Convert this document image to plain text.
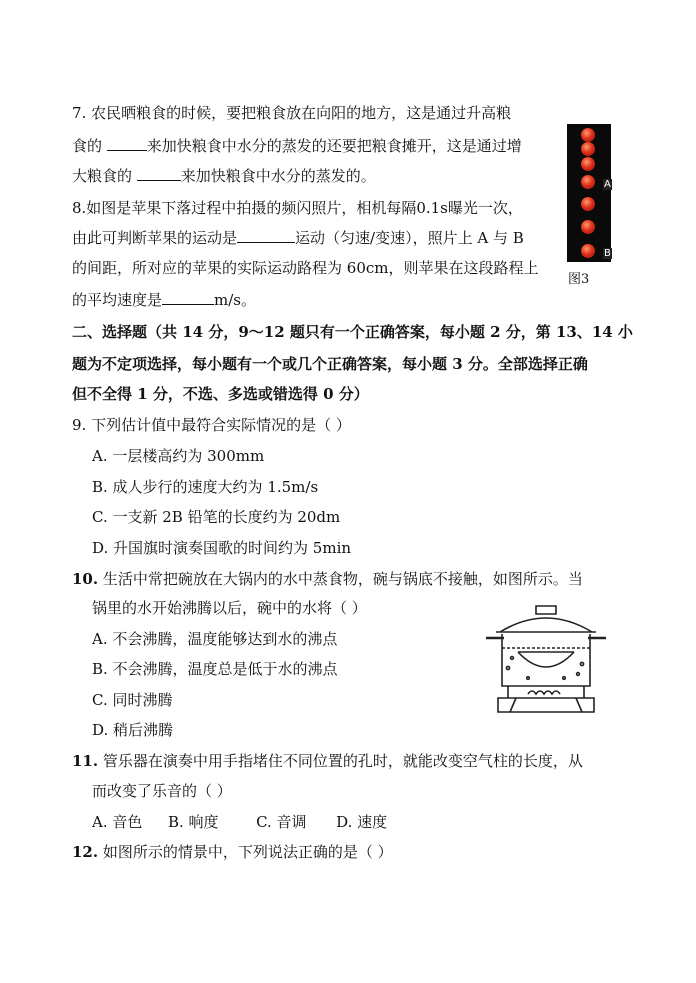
7. 农民晒粮食的时候，要把粮食放在向阳的地方，这是通过升高粮
食的	来加快粮食中水分的蒸发的还要把粮食摊开，这是通过增
大粮食的	来加快粮食中水分的蒸发的。
8.如图是苹果下落过程中拍摄的频闪照片，相机每隔0.1s曝光一次，
由此可判断苹果的运动是	运动（匀速/变速），照片上 A 与 B
的间距，所对应的苹果的实际运动路程为 60cm，则苹果在这段路程上
的平均速度是	m/s。
A
B
图3
二、选择题（共 14 分，9～12 题只有一个正确答案，每小题 2 分，第 13、14 小
题为不定项选择，每小题有一个或几个正确答案，每小题 3 分。全部选择正确
但不全得 1 分，不选、多选或错选得 0 分）
9. 下列估计值中最符合实际情况的是（ ）
A. 一层楼高约为 300mm
B. 成人步行的速度大约为 1.5m/s
C. 一支新 2B 铅笔的长度约为 20dm
D. 升国旗时演奏国歌的时间约为 5min
10. 生活中常把碗放在大锅内的水中蒸食物，碗与锅底不接触，如图所示。当
锅里的水开始沸腾以后，碗中的水将（ ）
A. 不会沸腾，温度能够达到水的沸点
B. 不会沸腾，温度总是低于水的沸点
C. 同时沸腾
D. 稍后沸腾
11. 管乐器在演奏中用手指堵住不同位置的孔时，就能改变空气柱的长度，从
而改变了乐音的（ ）
A. 音色 B. 响度	C. 音调 D. 速度
12. 如图所示的情景中，下列说法正确的是（ ）
